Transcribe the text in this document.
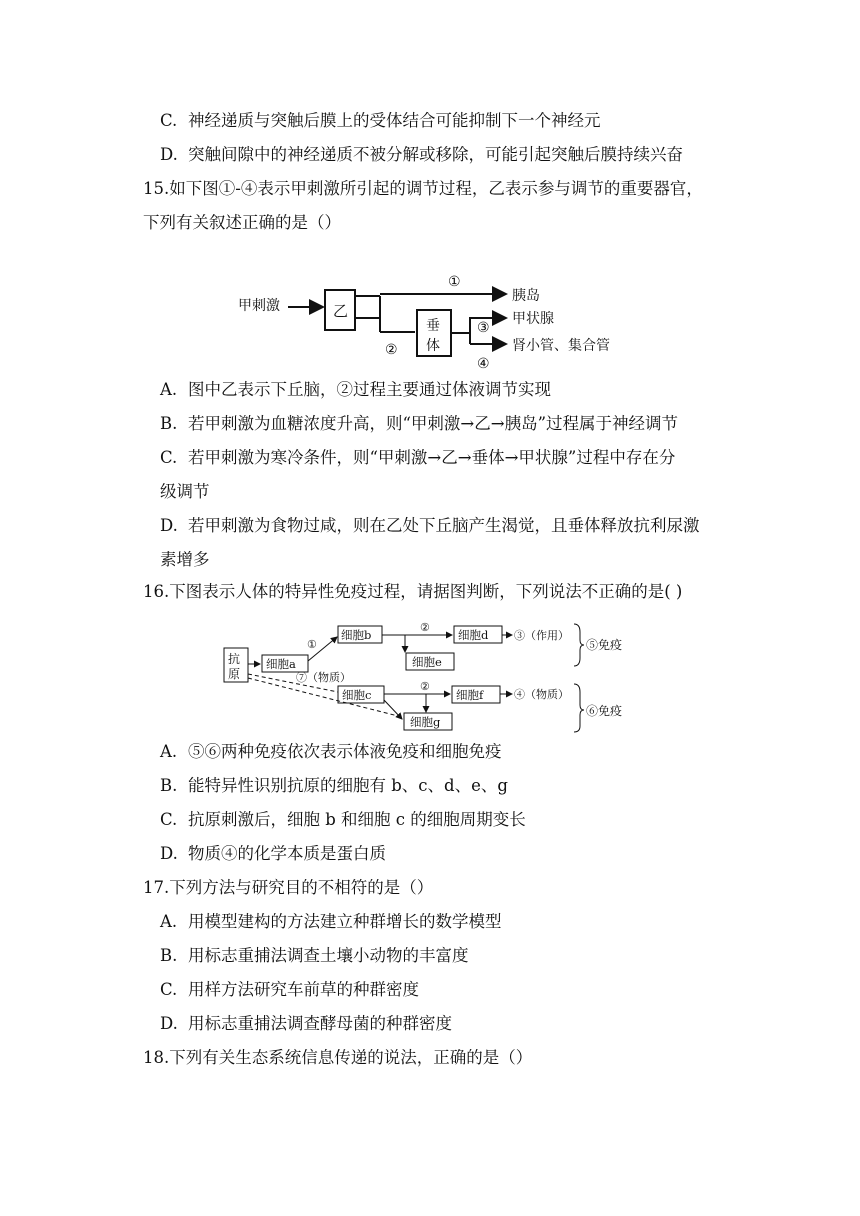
C. 神经递质与突触后膜上的受体结合可能抑制下一个神经元
D. 突触间隙中的神经递质不被分解或移除，可能引起突触后膜持续兴奋
15.如下图①-④表示甲刺激所引起的调节过程，乙表示参与调节的重要器官，
下列有关叙述正确的是（）
甲刺激	乙
①
胰岛
②
垂
体
甲状腺
③
肾小管、集合管
④
A. 图中乙表示下丘脑，②过程主要通过体液调节实现
B. 若甲刺激为血糖浓度升高，则“甲刺激→乙→胰岛”过程属于神经调节
C. 若甲刺激为寒冷条件，则“甲刺激→乙→垂体→甲状腺”过程中存在分
级调节
D. 若甲刺激为食物过咸，则在乙处下丘脑产生渴觉，且垂体释放抗利尿激
素增多
16.下图表示人体的特异性免疫过程，请据图判断，下列说法不正确的是( )
抗
原
细胞a
①
细胞b
②
细胞e
细胞d ③（作用）
⑦（物质）
细胞c
②
细胞g
细胞f	④（物质）
⑤免疫
⑥免疫
A. ⑤⑥两种免疫依次表示体液免疫和细胞免疫
B. 能特异性识别抗原的细胞有 b、c、d、e、g
C. 抗原刺激后，细胞 b 和细胞 c 的细胞周期变长
D. 物质④的化学本质是蛋白质
17.下列方法与研究目的不相符的是（）
A. 用模型建构的方法建立种群增长的数学模型
B. 用标志重捕法调查土壤小动物的丰富度
C. 用样方法研究车前草的种群密度
D. 用标志重捕法调查酵母菌的种群密度
18.下列有关生态系统信息传递的说法，正确的是（）
